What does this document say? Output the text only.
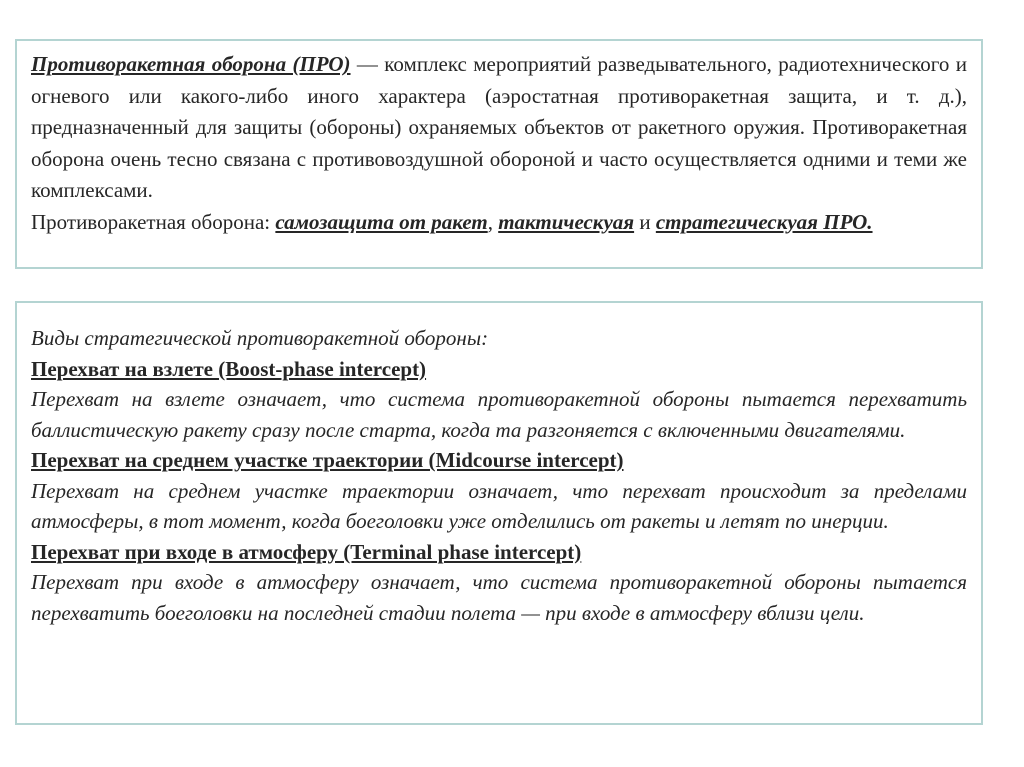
Противоракетная оборона (ПРО) — комплекс мероприятий разведывательного, радиотехнического и огневого или какого-либо иного характера (аэростатная противоракетная защита, и т. д.), предназначенный для защиты (обороны) охраняемых объектов от ракетного оружия. Противоракетная оборона очень тесно связана с противовоздушной обороной и часто осуществляется одними и теми же комплексами.

Противоракетная оборона: самозащита от ракет, тактическуая и стратегическуая ПРО.

Виды стратегической противоракетной обороны:

Перехват на взлете (Boost-phase intercept)

Перехват на взлете означает, что система противоракетной обороны пытается перехватить баллистическую ракету сразу после старта, когда та разгоняется с включенными двигателями.

Перехват на среднем участке траектории (Midcourse intercept)

Перехват на среднем участке траектории означает, что перехват происходит за пределами атмосферы, в тот момент, когда боеголовки уже отделились от ракеты и летят по инерции.

Перехват при входе в атмосферу (Terminal phase intercept)

Перехват при входе в атмосферу означает, что система противоракетной обороны пытается перехватить боеголовки на последней стадии полета — при входе в атмосферу вблизи цели.
